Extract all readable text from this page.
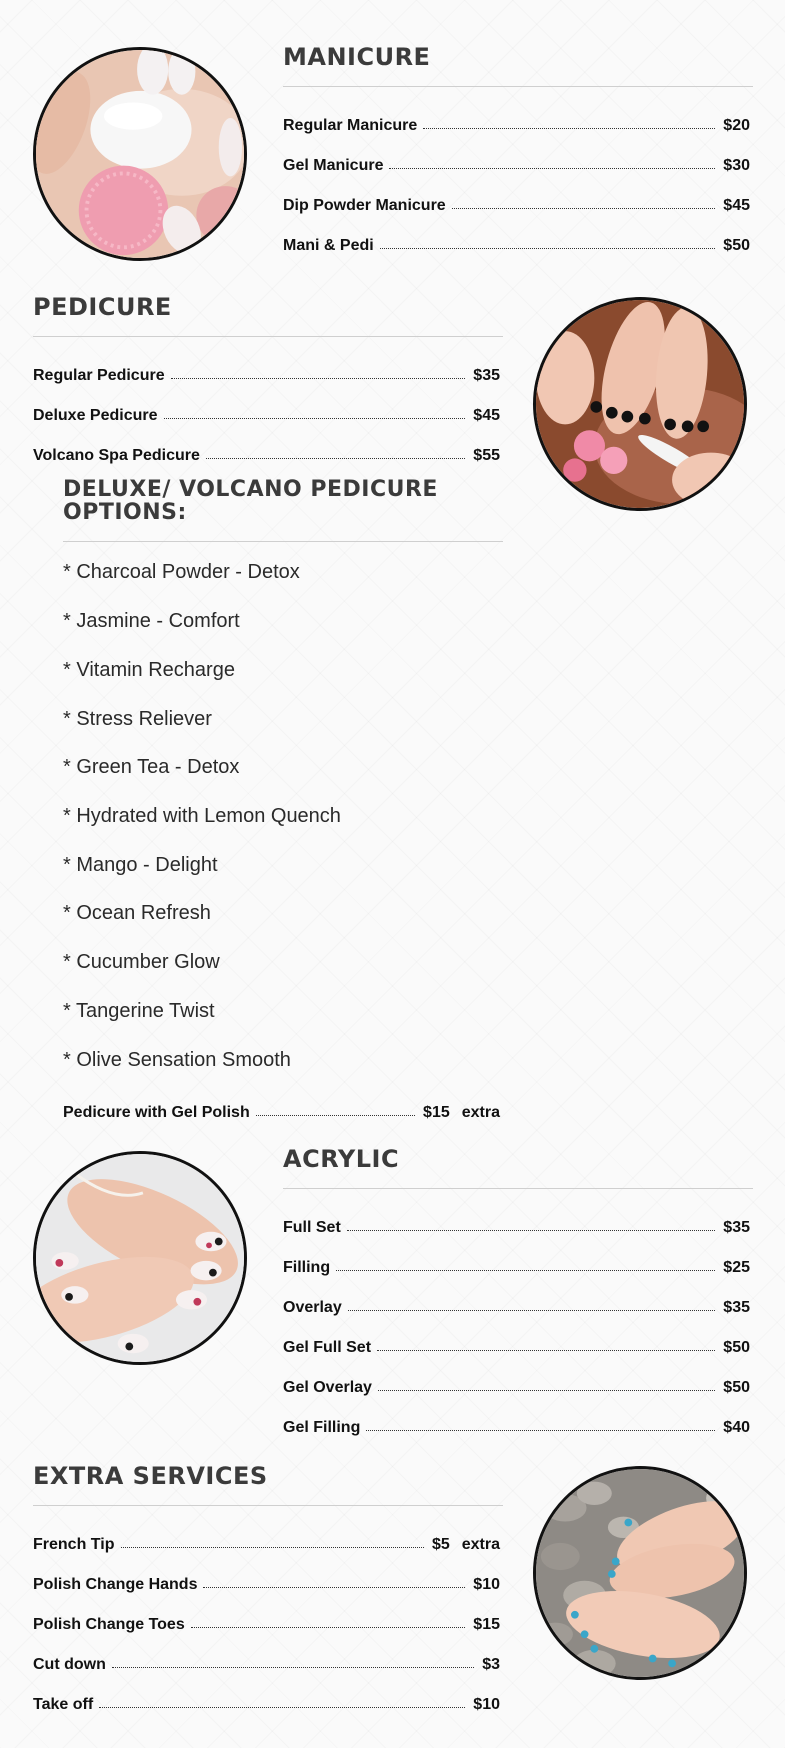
MANICURE
Regular Manicure	$20
Gel Manicure	$30
Dip Powder Manicure	$45
Mani & Pedi	$50
PEDICURE
Regular Pedicure	$35
Deluxe Pedicure	$45
Volcano Spa Pedicure	$55
DELUXE/ VOLCANO PEDICURE OPTIONS:
* Charcoal Powder - Detox
* Jasmine - Comfort
* Vitamin Recharge
* Stress Reliever
* Green Tea - Detox
* Hydrated with Lemon Quench
* Mango - Delight
* Ocean Refresh
* Cucumber Glow
* Tangerine Twist
* Olive Sensation Smooth
Pedicure with Gel Polish	$15 extra
ACRYLIC
Full Set	$35
Filling	$25
Overlay	$35
Gel Full Set	$50
Gel Overlay	$50
Gel Filling	$40
EXTRA SERVICES
French Tip	$5 extra
Polish Change Hands	$10
Polish Change Toes	$15
Cut down	$3
Take off	$10
